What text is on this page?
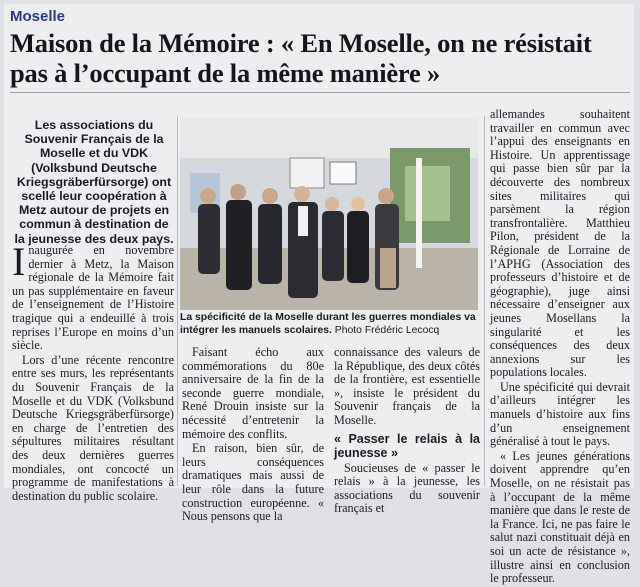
Moselle
Maison de la Mémoire : « En Moselle, on ne résistait pas à l’occupant de la même manière »
Les associations du Souvenir Français de la Moselle et du VDK (Volksbund Deutsche Kriegsgräberfürsorge) ont scellé leur coopération à Metz autour de projets en commun à destination de la jeunesse des deux pays.

Inaugurée en novembre dernier à Metz, la Maison régionale de la Mémoire fait un pas supplémentaire en faveur de l’enseignement de l’Histoire tragique qui a endeuillé à trois reprises l’Europe en moins d’un siècle.

Lors d’une récente rencontre entre ses murs, les représentants du Souvenir Français de la Moselle et du VDK (Volksbund Deutsche Kriegsgräberfürsorge) en charge de l’entretien des sépultures militaires résultant des deux dernières guerres mondiales, ont concocté un programme de manifestations à destination du public scolaire.

La spécificité de la Moselle durant les guerres mondiales va intégrer les manuels scolaires. Photo Frédéric Lecocq

Faisant écho aux commémorations du 80e anniversaire de la fin de la seconde guerre mondiale, René Drouin insiste sur la nécessité d’entretenir la mémoire des conflits.

En raison, bien sûr, de leurs conséquences dramatiques mais aussi de leur rôle dans la future construction européenne. « Nous pensons que la

connaissance des valeurs de la République, des deux côtés de la frontière, est essentielle », insiste le président du Souvenir français de la Moselle.

« Passer le relais à la jeunesse »

Soucieuses de « passer le relais » à la jeunesse, les associations du souvenir français et

allemandes souhaitent travailler en commun avec l’appui des enseignants en Histoire. Un apprentissage qui passe bien sûr par la découverte des nombreux sites militaires qui parsèment la région transfrontalière. Matthieu Pilon, président de la Régionale de Lorraine de l’APHG (Association des professeurs d’histoire et de géographie), juge ainsi nécessaire d’enseigner aux jeunes Mosellans la singularité et les conséquences des deux annexions sur les populations locales.

Une spécificité qui devrait d’ailleurs intégrer les manuels d’histoire aux fins d’un enseignement généralisé à tout le pays.

« Les jeunes générations doivent apprendre qu’en Moselle, on ne résistait pas à l’occupant de la même manière que dans le reste de la France. Ici, ne pas faire le salut nazi constituait déjà en soi un acte de résistance », illustre ainsi en conclusion le professeur.
